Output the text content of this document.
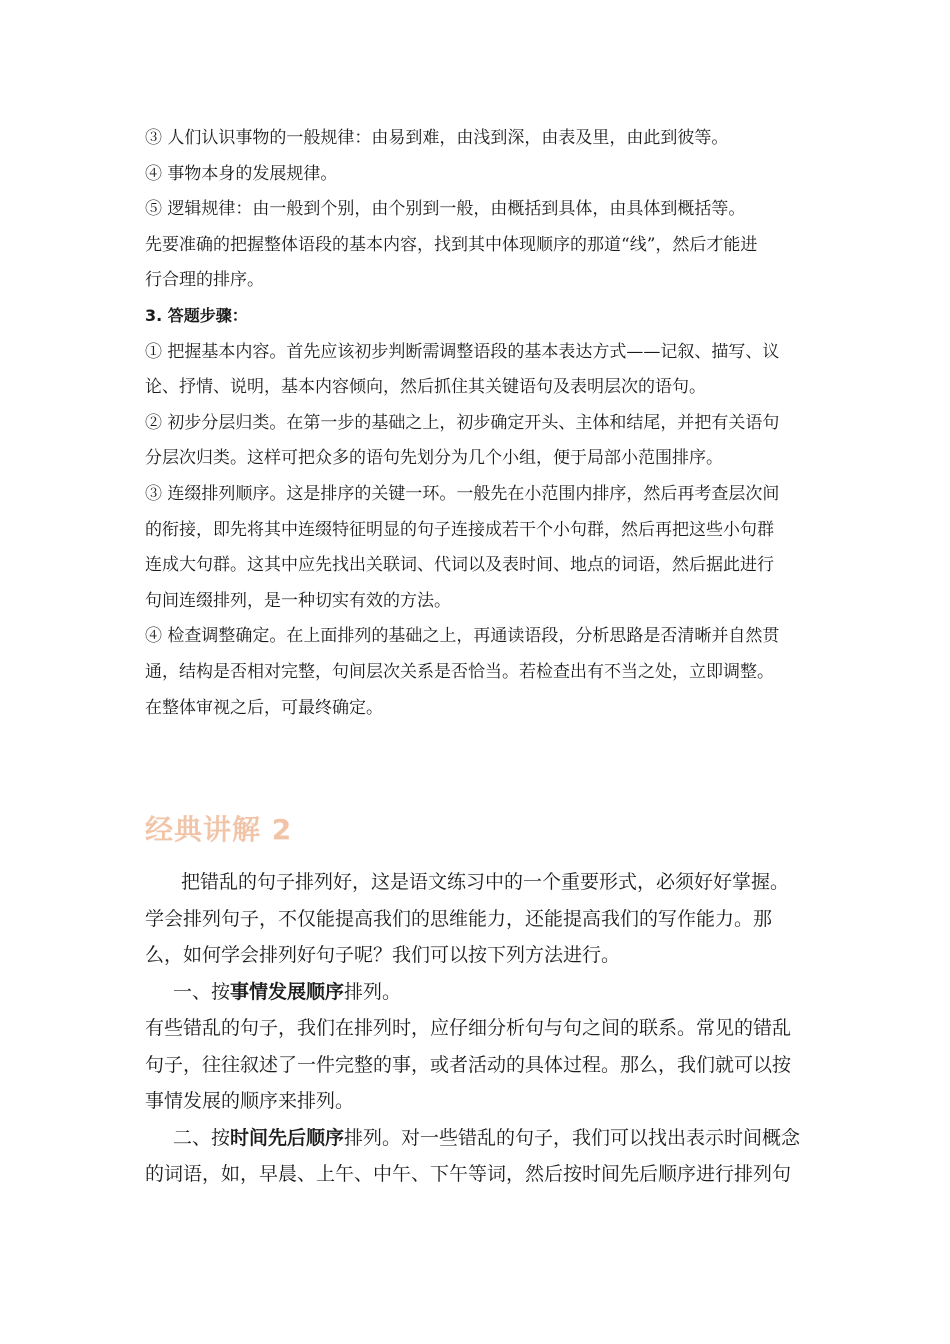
③ 人们认识事物的一般规律：由易到难，由浅到深，由表及里，由此到彼等。

④ 事物本身的发展规律。

⑤ 逻辑规律：由一般到个别，由个别到一般，由概括到具体，由具体到概括等。

先要准确的把握整体语段的基本内容，找到其中体现顺序的那道“线”，然后才能进

行合理的排序。

3. 答题步骤：

① 把握基本内容。首先应该初步判断需调整语段的基本表达方式——记叙、描写、议

论、抒情、说明，基本内容倾向，然后抓住其关键语句及表明层次的语句。

② 初步分层归类。在第一步的基础之上，初步确定开头、主体和结尾，并把有关语句

分层次归类。这样可把众多的语句先划分为几个小组，便于局部小范围排序。

③ 连缀排列顺序。这是排序的关键一环。一般先在小范围内排序，然后再考查层次间

的衔接，即先将其中连缀特征明显的句子连接成若干个小句群，然后再把这些小句群

连成大句群。这其中应先找出关联词、代词以及表时间、地点的词语，然后据此进行

句间连缀排列，是一种切实有效的方法。

④ 检查调整确定。在上面排列的基础之上，再通读语段，分析思路是否清晰并自然贯

通，结构是否相对完整，句间层次关系是否恰当。若检查出有不当之处，立即调整。

在整体审视之后，可最终确定。

经典讲解 2

把错乱的句子排列好，这是语文练习中的一个重要形式，必须好好掌握。

学会排列句子，不仅能提高我们的思维能力，还能提高我们的写作能力。那

么，如何学会排列好句子呢？我们可以按下列方法进行。

一、按事情发展顺序排列。

有些错乱的句子，我们在排列时，应仔细分析句与句之间的联系。常见的错乱

句子，往往叙述了一件完整的事，或者活动的具体过程。那么，我们就可以按

事情发展的顺序来排列。

二、按时间先后顺序排列。对一些错乱的句子，我们可以找出表示时间概念

的词语，如，早晨、上午、中午、下午等词，然后按时间先后顺序进行排列句
